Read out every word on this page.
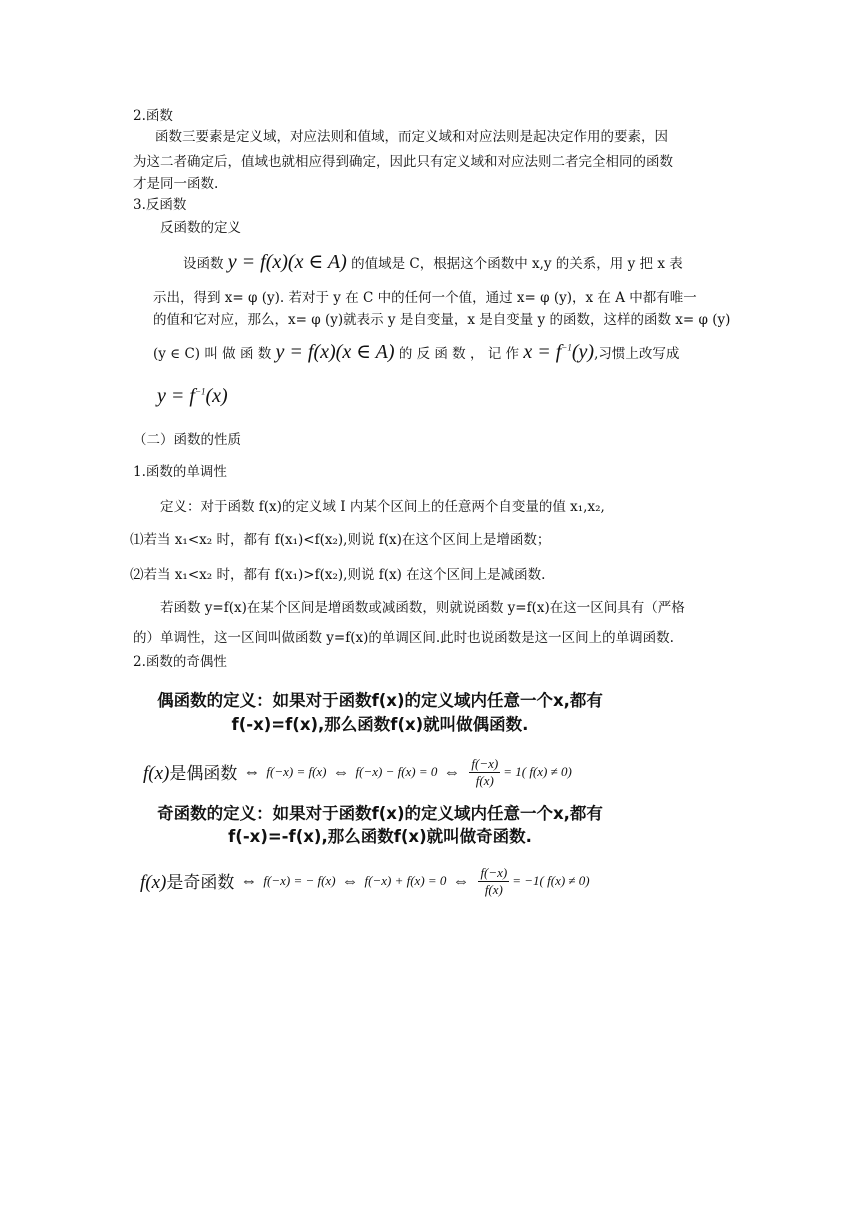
2.函数
函数三要素是定义域，对应法则和值域，而定义域和对应法则是起决定作用的要素，因
为这二者确定后，值域也就相应得到确定，因此只有定义域和对应法则二者完全相同的函数
才是同一函数.
3.反函数
反函数的定义
设函数 y = f(x)(x ∈ A) 的值域是 C，根据这个函数中 x,y 的关系，用 y 把 x 表
示出，得到 x= φ (y). 若对于 y 在 C 中的任何一个值，通过 x= φ (y)，x 在 A 中都有唯一
的值和它对应，那么，x= φ (y)就表示 y 是自变量，x 是自变量 y 的函数，这样的函数 x= φ (y)
(y ∈ C) 叫 做 函 数 y = f(x)(x ∈ A) 的 反 函 数 ， 记 作 $x = f^{-1}(y)$,习惯上改写成
$y = f^{-1}(x)$
（二）函数的性质
1.函数的单调性
定义：对于函数 f(x)的定义域 I 内某个区间上的任意两个自变量的值 x₁,x₂,
⑴若当 x₁<x₂ 时，都有 f(x₁)<f(x₂),则说 f(x)在这个区间上是增函数；
⑵若当 x₁<x₂ 时，都有 f(x₁)>f(x₂),则说 f(x) 在这个区间上是减函数.
若函数 y=f(x)在某个区间是增函数或减函数，则就说函数 y=f(x)在这一区间具有（严格
的）单调性，这一区间叫做函数 y=f(x)的单调区间.此时也说函数是这一区间上的单调函数.
2.函数的奇偶性
偶函数的定义：如果对于函数f(x)的定义域内任意一个x,都有
f(-x)=f(x),那么函数f(x)就叫做偶函数.
f(x)是偶函数 ⇔ f(−x) = f(x) ⇔ f(−x) − f(x) = 0 ⇔ $\frac{f(-x)}{f(x)} = 1$( f(x) ≠ 0)
奇函数的定义：如果对于函数f(x)的定义域内任意一个x,都有
f(-x)=-f(x),那么函数f(x)就叫做奇函数.
f(x)是奇函数 ⇔ f(−x) = − f(x) ⇔ f(−x) + f(x) = 0 ⇔ $\frac{f(-x)}{f(x)} = -1$( f(x) ≠ 0)
